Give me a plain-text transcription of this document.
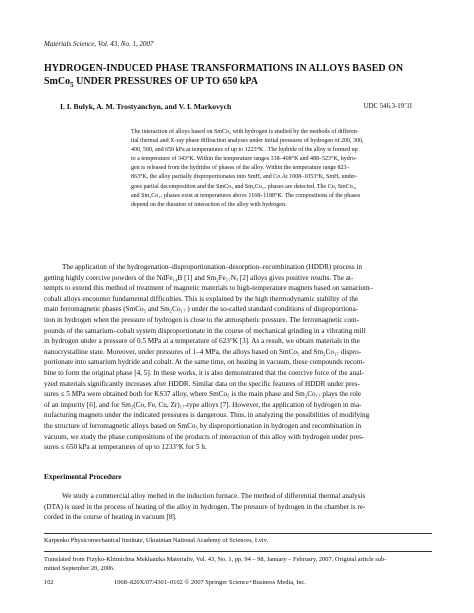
Materials Science, Vol. 43, No. 1, 2007
HYDROGEN-INDUCED PHASE TRANSFORMATIONS IN ALLOYS BASED ON
SmCo$_5$ UNDER PRESSURES OF UP TO 650 kPA
I. I. Bulyk, A. M. Trostyanchyn, and V. I. Markovych	UDC 546.3-19’1I

The interaction of alloys based on SmCo₅ with hydrogen is studied by the methods of differen-

tial thermal and X-ray phase diffraction analyses under initial pressures of hydrogen of 200, 300,

400, 500, and 650 kPa at temperatures of up to 1223°K . The hydride of the alloy is formed up

to a temperature of 343°K. Within the temperature ranges 338–408°K and 488–523°K, hydro-

gen is released from the hydrides of phases of the alloy. Within the temperature range 823–

863°K, the alloy partially disproportionates into SmHₓ and Co.At 1008–1053°K, SmHₓ under-

goes partial decomposition and the SmCo₅ and Sm₂Co₁₇ phases are detected. The Co, SmCo₅,

and Sm₂Co₁₇ phases exist at temperatures above 1168–1188°K. The compositions of the phases

depend on the duration of interaction of the alloy with hydrogen.

The application of the hydrogenation–disproportionation–desorption–recombination (HDDR) process in

getting highly coercive powders of the NdFe₁₄B [1] and Sm₂Fe₁₇Nₓ [2] alloys gives positive results. The at-

tempts to extend this method of treatment of magnetic materials to high-temperature magnets based on samarium–

cobalt alloys encounter fundamental difficulties. This is explained by the high thermodynamic stability of the

main ferromagnetic phases (SmCo₅ and Sm₂Co₁₇ ) under the so-called standard conditions of disproportiona-

tion in hydrogen when the pressure of hydrogen is close to the atmospheric pressure. The ferromagnetic com-

pounds of the samarium–cobalt system disproportionate in the course of mechanical grinding in a vibrating mill

in hydrogen under a pressure of 0.5 MPa at a temperature of 623°K [3]. As a result, we obtain materials in the

nanocrystalline state. Moreover, under pressures of 1–4 MPa, the alloys based on SmCo₅ and Sm₂Co₁₇ dispro-

portionate into samarium hydride and cobalt. At the same time, on heating in vacuum, these compounds recom-

bine to form the original phase [4, 5]. In these works, it is also demonstrated that the coercive force of the anal-

yzed materials significantly increases after HDDR. Similar data on the specific features of HDDR under pres-

sures ≤ 5 MPa were obtained both for KS37 alloy, where SmCo₅ is the main phase and Sm₂Co₁₇ plays the role

of an impurity [6], and for Sm₂(Co, Fe, Cu, Zr)₁₇-type alloys [7]. However, the application of hydrogen in ma-

nufacturing magnets under the indicated pressures is dangerous. Thus, in analyzing the possibilities of modifying

the structure of ferromagnetic alloys based on SmCo₅ by disproportionation in hydrogen and recombination in

vacuum, we study the phase compositions of the products of interaction of this alloy with hydrogen under pres-

sures ≤ 650 kPa at temperatures of up to 1233°K for 5 h.

Experimental Procedure

We study a commercial alloy melted in the induction furnace. The method of differential thermal analysis

(DTA) is used in the process of heating of the alloy in hydrogen. The pressure of hydrogen in the chamber is re-

corded in the course of heating in vacuum [8].

Karpenko Physicomechanical Institute, Ukrainian National Academy of Sciences, Lviv.
Translated from Fizyko-Khimichna Mekhanika Materialiv, Vol. 43, No. 1, pp. 94 – 98, January – February, 2007. Original article sub-
mitted September 20, 2006.
102	1068–820X/07/4301–0102 © 2007 Springer Science+Business Media, Inc.
